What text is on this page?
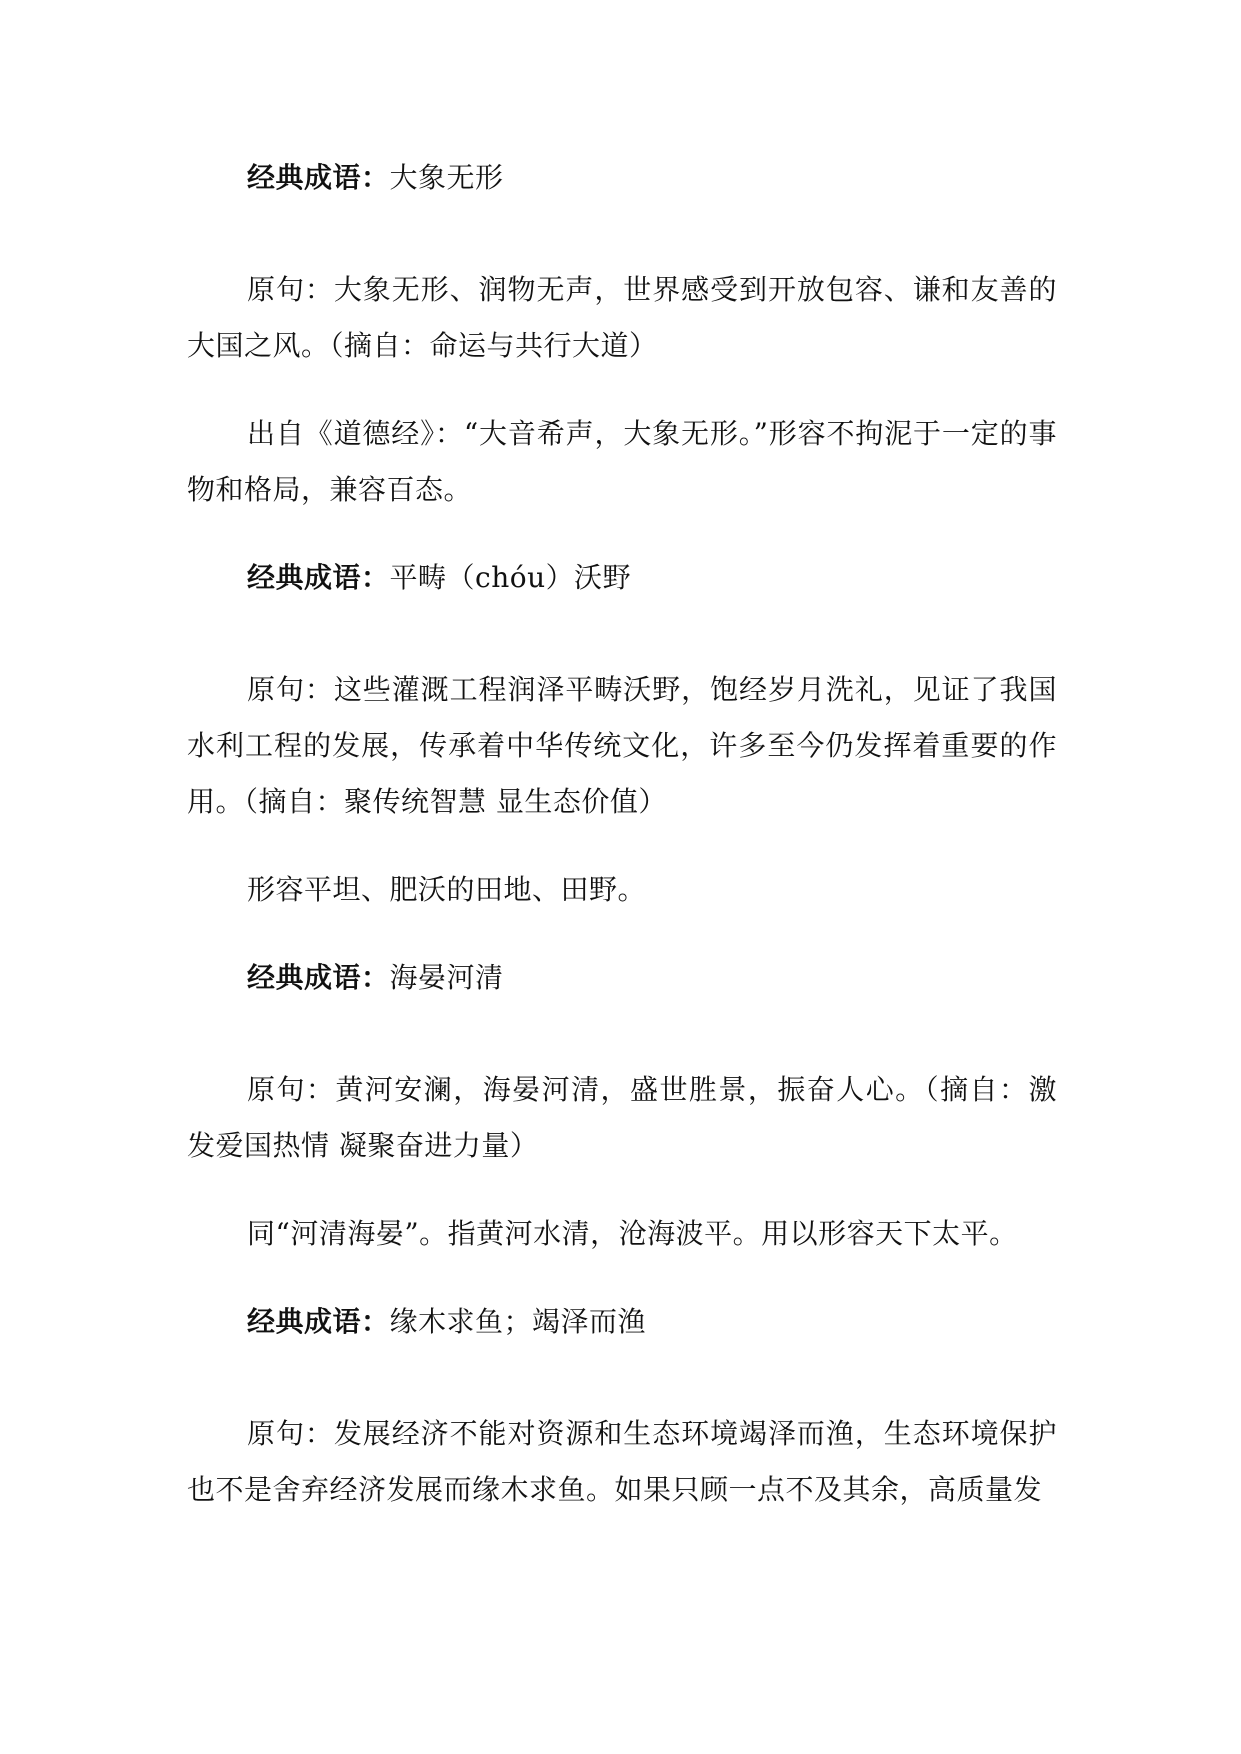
经典成语：大象无形

原句：大象无形、润物无声，世界感受到开放包容、谦和友善的大国之风。（摘自：命运与共行大道）

出自《道德经》：“大音希声，大象无形。”形容不拘泥于一定的事物和格局，兼容百态。

经典成语：平畴（chóu）沃野

原句：这些灌溉工程润泽平畴沃野，饱经岁月洗礼，见证了我国水利工程的发展，传承着中华传统文化，许多至今仍发挥着重要的作用。（摘自：聚传统智慧 显生态价值）

形容平坦、肥沃的田地、田野。

经典成语：海晏河清

原句：黄河安澜，海晏河清，盛世胜景，振奋人心。（摘自：激发爱国热情 凝聚奋进力量）

同“河清海晏”。指黄河水清，沧海波平。用以形容天下太平。

经典成语：缘木求鱼；竭泽而渔

原句：发展经济不能对资源和生态环境竭泽而渔，生态环境保护也不是舍弃经济发展而缘木求鱼。如果只顾一点不及其余，高质量发
